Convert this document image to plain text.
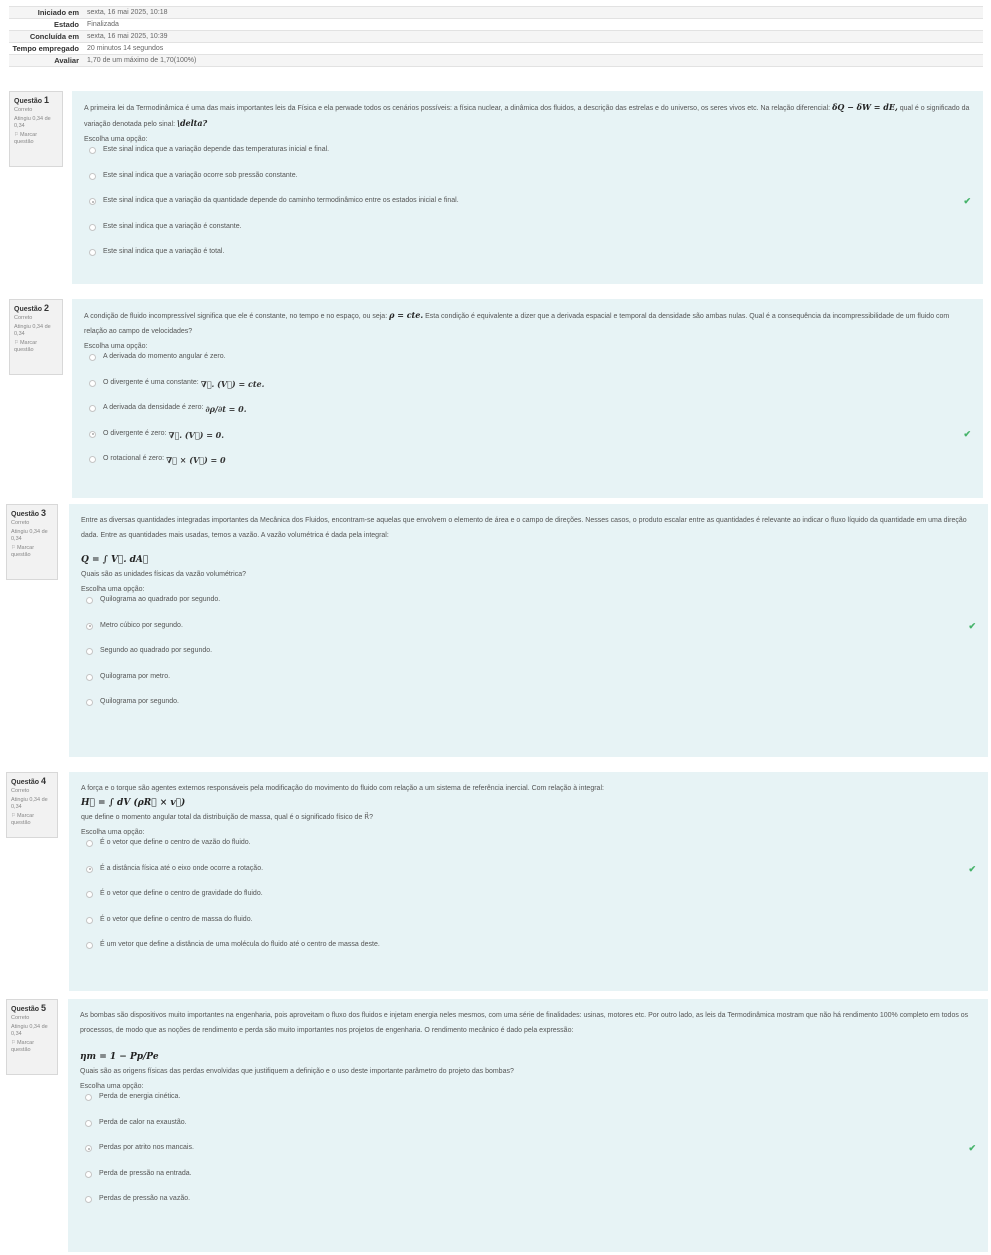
Iniciado em	sexta, 16 mai 2025, 10:18
Estado	Finalizada
Concluída em	sexta, 16 mai 2025, 10:39
Tempo empregado	20 minutos 14 segundos
Avaliar	1,70 de um máximo de 1,70(100%)
Questão 1
Correto
Atingiu 0,34 de 0,34
⚐Marcar questão
A primeira lei da Termodinâmica é uma das mais importantes leis da Física e ela perwade todos os cenários possíveis: a física nuclear, a dinâmica dos fluidos, a descrição das estrelas e do universo, os seres vivos etc. Na relação diferencial: δQ − δW = dE, qual é o significado da variação denotada pelo sinal: \delta?
Escolha uma opção:
Este sinal indica que a variação depende das temperaturas inicial e final.
Este sinal indica que a variação ocorre sob pressão constante.
Este sinal indica que a variação da quantidade depende do caminho termodinâmico entre os estados inicial e final.	✔
Este sinal indica que a variação é constante.
Este sinal indica que a variação é total.
Questão 2
Correto
Atingiu 0,34 de 0,34
⚐Marcar questão
A condição de fluido incompressível significa que ele é constante, no tempo e no espaço, ou seja: ρ = cte. Esta condição é equivalente a dizer que a derivada espacial e temporal da densidade são ambas nulas. Qual é a consequência da incompressibilidade de um fluido com relação ao campo de velocidades?
Escolha uma opção:
A derivada do momento angular é zero.
O divergente é uma constante: ∇⃗. (V⃗) = cte.
A derivada da densidade é zero: ∂ρ/∂t = 0.
O divergente é zero: ∇⃗. (V⃗) = 0.	✔
O rotacional é zero: ∇⃗ × (V⃗) = 0
Questão 3
Correto
Atingiu 0,34 de 0,34
⚐Marcar questão
Entre as diversas quantidades integradas importantes da Mecânica dos Fluidos, encontram-se aquelas que envolvem o elemento de área e o campo de direções. Nesses casos, o produto escalar entre as quantidades é relevante ao indicar o fluxo líquido da quantidade em uma direção dada. Entre as quantidades mais usadas, temos a vazão. A vazão volumétrica é dada pela integral:
Q = ∫ V⃗. dA⃗
Quais são as unidades físicas da vazão volumétrica?
Escolha uma opção:
Quilograma ao quadrado por segundo.
Metro cúbico por segundo.	✔
Segundo ao quadrado por segundo.
Quilograma por metro.
Quilograma por segundo.
Questão 4
Correto
Atingiu 0,34 de 0,34
⚐Marcar questão
A força e o torque são agentes externos responsáveis pela modificação do movimento do fluido com relação a um sistema de referência inercial. Com relação à integral:
H⃗ = ∫ dV (ρR⃗ × v⃗)
que define o momento angular total da distribuição de massa, qual é o significado físico de R⃗?
Escolha uma opção:
É o vetor que define o centro de vazão do fluido.
É a distância física até o eixo onde ocorre a rotação.	✔
É o vetor que define o centro de gravidade do fluido.
É o vetor que define o centro de massa do fluido.
É um vetor que define a distância de uma molécula do fluido até o centro de massa deste.
Questão 5
Correto
Atingiu 0,34 de 0,34
⚐Marcar questão
As bombas são dispositivos muito importantes na engenharia, pois aproveitam o fluxo dos fluidos e injetam energia neles mesmos, com uma série de finalidades: usinas, motores etc. Por outro lado, as leis da Termodinâmica mostram que não há rendimento 100% completo em todos os processos, de modo que as noções de rendimento e perda são muito importantes nos projetos de engenharia. O rendimento mecânico é dado pela expressão:
ηm = 1 − Pp/Pe
Quais são as origens físicas das perdas envolvidas que justifiquem a definição e o uso deste importante parâmetro do projeto das bombas?
Escolha uma opção:
Perda de energia cinética.
Perda de calor na exaustão.
Perdas por atrito nos mancais.	✔
Perda de pressão na entrada.
Perdas de pressão na vazão.
